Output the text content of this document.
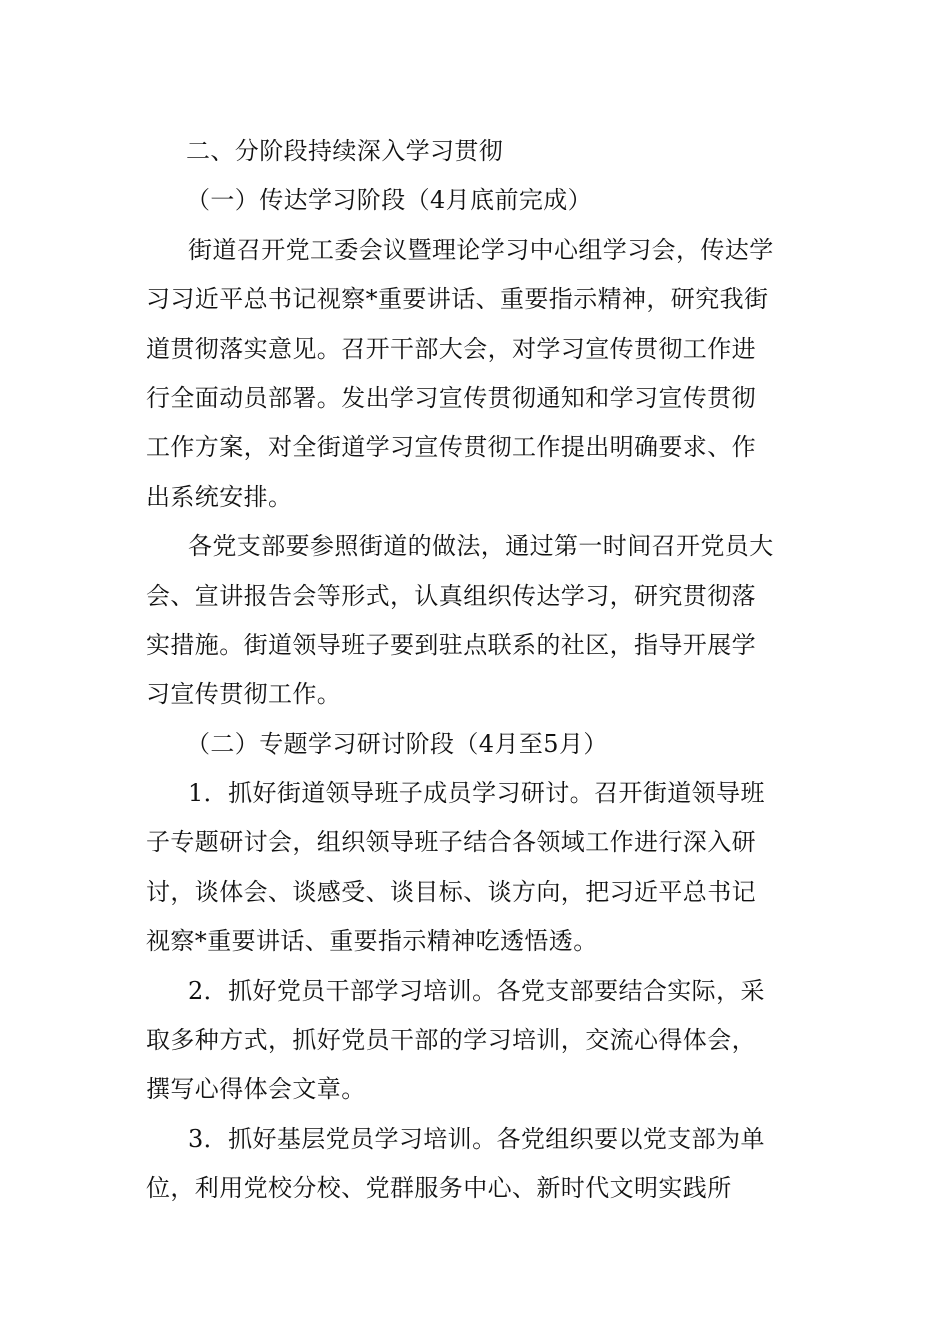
二、分阶段持续深入学习贯彻
（一）传达学习阶段（4月底前完成）
街道召开党工委会议暨理论学习中心组学习会，传达学
习习近平总书记视察*重要讲话、重要指示精神，研究我街
道贯彻落实意见。召开干部大会，对学习宣传贯彻工作进
行全面动员部署。发出学习宣传贯彻通知和学习宣传贯彻
工作方案，对全街道学习宣传贯彻工作提出明确要求、作
出系统安排。
各党支部要参照街道的做法，通过第一时间召开党员大
会、宣讲报告会等形式，认真组织传达学习，研究贯彻落
实措施。街道领导班子要到驻点联系的社区，指导开展学
习宣传贯彻工作。
（二）专题学习研讨阶段（4月至5月）
1．抓好街道领导班子成员学习研讨。召开街道领导班
子专题研讨会，组织领导班子结合各领域工作进行深入研
讨，谈体会、谈感受、谈目标、谈方向，把习近平总书记
视察*重要讲话、重要指示精神吃透悟透。
2．抓好党员干部学习培训。各党支部要结合实际，采
取多种方式，抓好党员干部的学习培训，交流心得体会，
撰写心得体会文章。
3．抓好基层党员学习培训。各党组织要以党支部为单
位，利用党校分校、党群服务中心、新时代文明实践所
